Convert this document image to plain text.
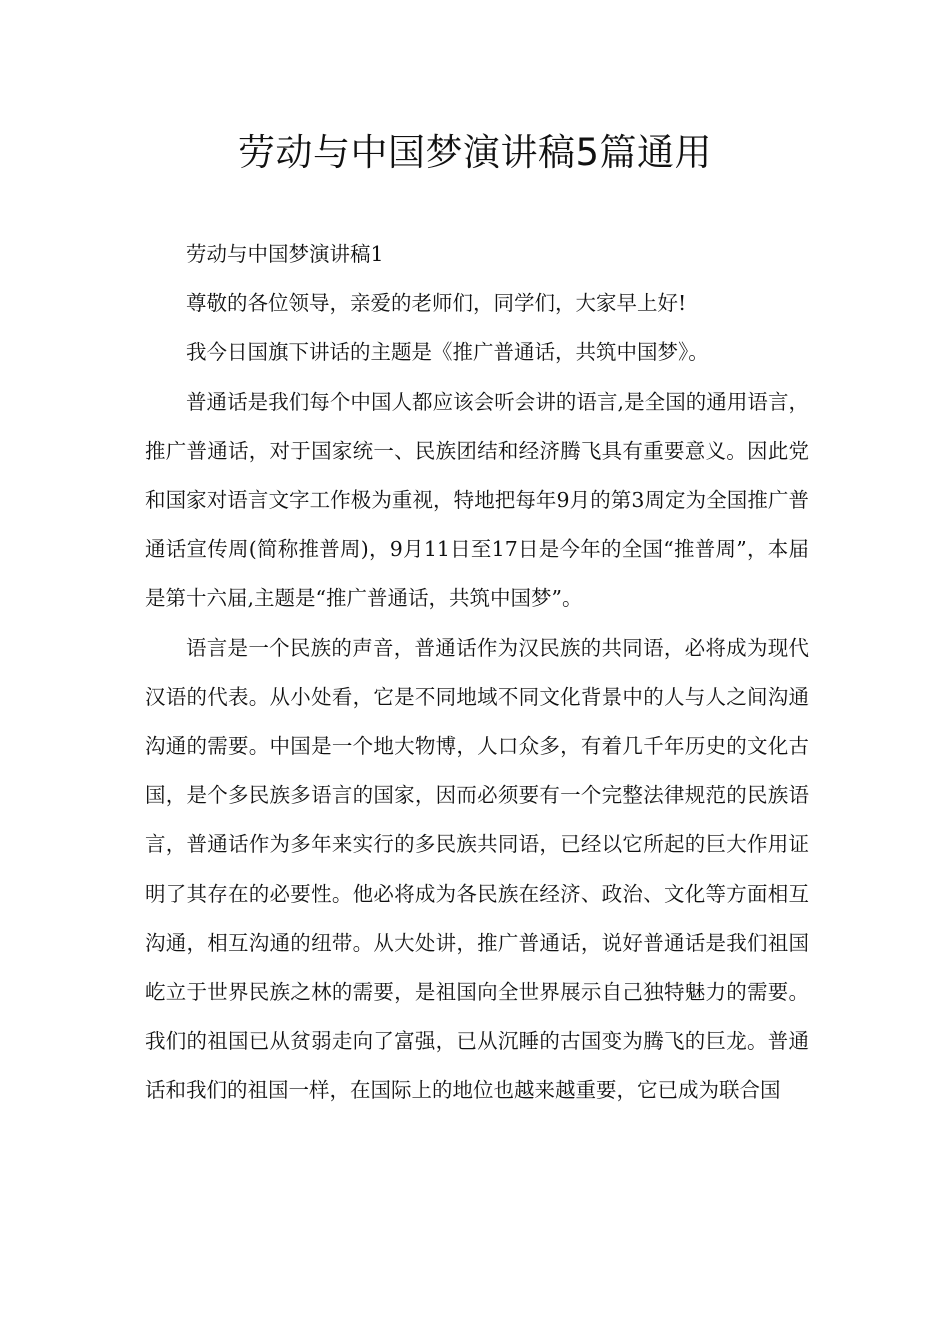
劳动与中国梦演讲稿5篇通用

劳动与中国梦演讲稿1

尊敬的各位领导，亲爱的老师们，同学们，大家早上好!

我今日国旗下讲话的主题是《推广普通话，共筑中国梦》。

普通话是我们每个中国人都应该会听会讲的语言,是全国的通用语言，推广普通话，对于国家统一、民族团结和经济腾飞具有重要意义。因此党和国家对语言文字工作极为重视，特地把每年9月的第3周定为全国推广普通话宣传周(简称推普周)，9月11日至17日是今年的全国“推普周”，本届是第十六届,主题是“推广普通话，共筑中国梦”。

语言是一个民族的声音，普通话作为汉民族的共同语，必将成为现代汉语的代表。从小处看，它是不同地域不同文化背景中的人与人之间沟通沟通的需要。中国是一个地大物博，人口众多，有着几千年历史的文化古国，是个多民族多语言的国家，因而必须要有一个完整法律规范的民族语言，普通话作为多年来实行的多民族共同语，已经以它所起的巨大作用证明了其存在的必要性。他必将成为各民族在经济、政治、文化等方面相互沟通，相互沟通的纽带。从大处讲，推广普通话，说好普通话是我们祖国屹立于世界民族之林的需要，是祖国向全世界展示自己独特魅力的需要。我们的祖国已从贫弱走向了富强，已从沉睡的古国变为腾飞的巨龙。普通话和我们的祖国一样，在国际上的地位也越来越重要，它已成为联合国
